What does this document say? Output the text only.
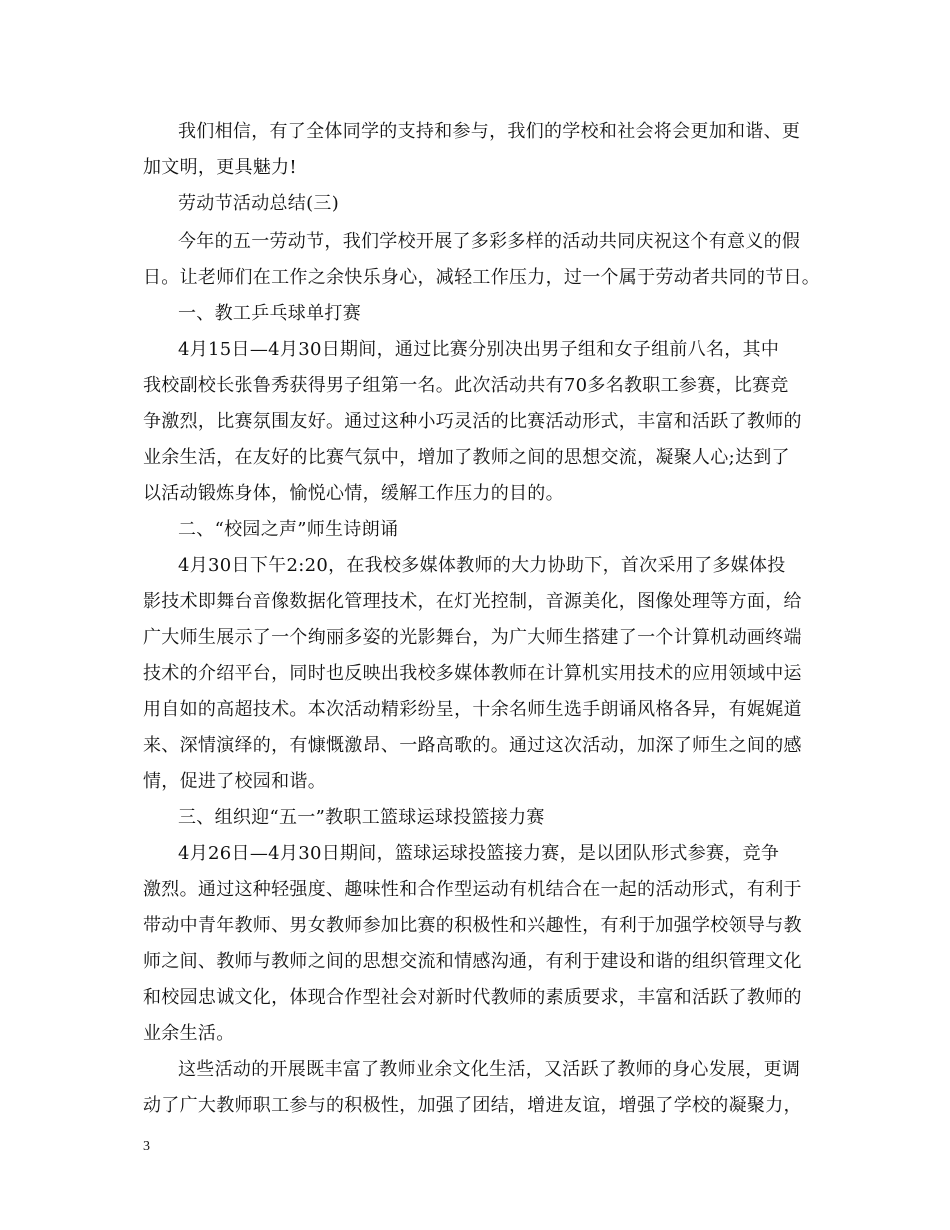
我们相信，有了全体同学的支持和参与，我们的学校和社会将会更加和谐、更
加文明，更具魅力!
劳动节活动总结(三)
今年的五一劳动节，我们学校开展了多彩多样的活动共同庆祝这个有意义的假
日。让老师们在工作之余快乐身心，减轻工作压力，过一个属于劳动者共同的节日。
一、教工乒乓球单打赛
4月15日—4月30日期间，通过比赛分别决出男子组和女子组前八名，其中
我校副校长张鲁秀获得男子组第一名。此次活动共有70多名教职工参赛，比赛竞
争激烈，比赛氛围友好。通过这种小巧灵活的比赛活动形式，丰富和活跃了教师的
业余生活，在友好的比赛气氛中，增加了教师之间的思想交流，凝聚人心;达到了
以活动锻炼身体，愉悦心情，缓解工作压力的目的。
二、“校园之声”师生诗朗诵
4月30日下午2:20，在我校多媒体教师的大力协助下，首次采用了多媒体投
影技术即舞台音像数据化管理技术，在灯光控制，音源美化，图像处理等方面，给
广大师生展示了一个绚丽多姿的光影舞台，为广大师生搭建了一个计算机动画终端
技术的介绍平台，同时也反映出我校多媒体教师在计算机实用技术的应用领域中运
用自如的高超技术。本次活动精彩纷呈，十余名师生选手朗诵风格各异，有娓娓道
来、深情演绎的，有慷慨激昂、一路高歌的。通过这次活动，加深了师生之间的感
情，促进了校园和谐。
三、组织迎“五一”教职工篮球运球投篮接力赛
4月26日—4月30日期间，篮球运球投篮接力赛，是以团队形式参赛，竞争
激烈。通过这种轻强度、趣味性和合作型运动有机结合在一起的活动形式，有利于
带动中青年教师、男女教师参加比赛的积极性和兴趣性，有利于加强学校领导与教
师之间、教师与教师之间的思想交流和情感沟通，有利于建设和谐的组织管理文化
和校园忠诚文化，体现合作型社会对新时代教师的素质要求，丰富和活跃了教师的
业余生活。
这些活动的开展既丰富了教师业余文化生活，又活跃了教师的身心发展，更调
动了广大教师职工参与的积极性，加强了团结，增进友谊，增强了学校的凝聚力，
3
